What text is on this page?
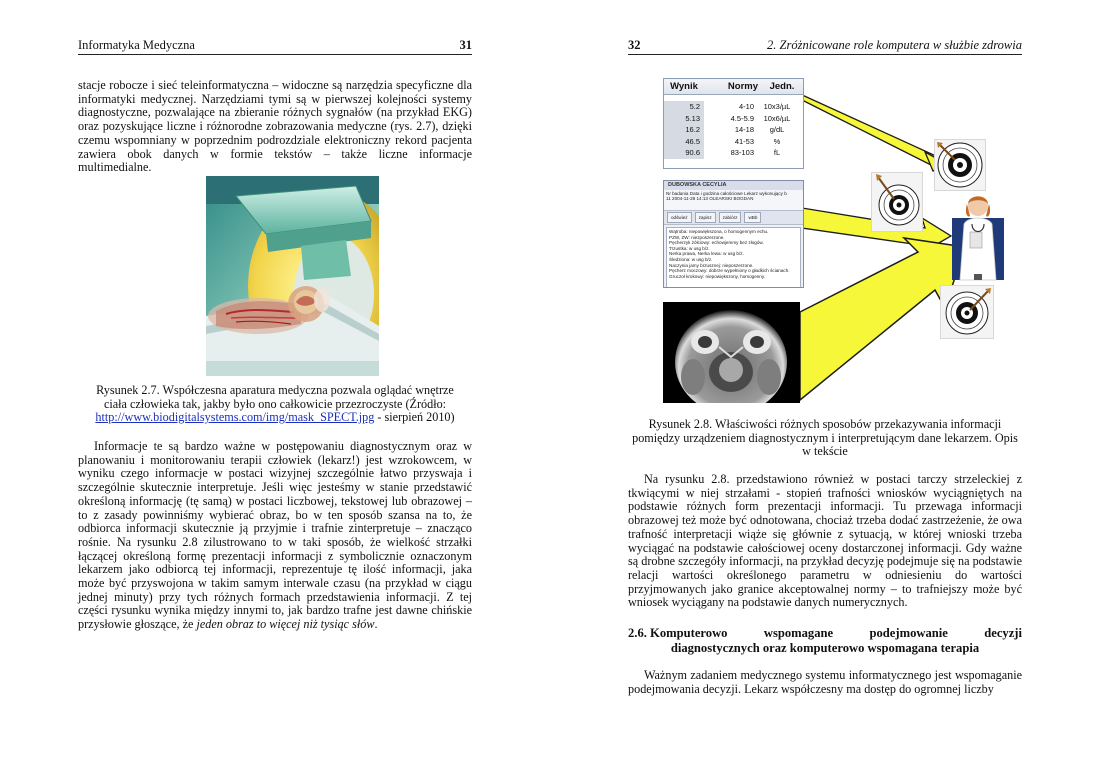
Informatyka Medyczna	31

stacje robocze i sieć teleinformatyczna – widoczne są narzędzia specyficzne dla informatyki medycznej. Narzędziami tymi są w pierwszej kolejności systemy diagnostyczne, pozwalające na zbieranie różnych sygnałów (na przykład EKG) oraz pozyskujące liczne i różnorodne zobrazowania medyczne (rys. 2.7), dzięki czemu wspomniany w poprzednim podrozdziale elektroniczny rekord pacjenta zawiera obok danych w formie tekstów – także liczne informacje multimedialne.

Rysunek 2.7. Współczesna aparatura medyczna pozwala oglądać wnętrze
ciała człowieka tak, jakby było ono całkowicie przezroczyste (Źródło:
http://www.biodigitalsystems.com/img/mask_SPECT.jpg - sierpień 2010)

Informacje te są bardzo ważne w postępowaniu diagnostycznym oraz w planowaniu i monitorowaniu terapii człowiek (lekarz!) jest wzrokowcem, w wyniku czego informacje w postaci wizyjnej szczególnie łatwo przyswaja i szczególnie skutecznie interpretuje. Jeśli więc jesteśmy w stanie przedstawić określoną informację (tę samą) w postaci liczbowej, tekstowej lub obrazowej – to z zasady powinniśmy wybierać obraz, bo w ten sposób szansa na to, że odbiorca informacji skutecznie ją przyjmie i trafnie zinterpretuje – znacząco rośnie. Na rysunku 2.8 zilustrowano to w taki sposób, że wielkość strzałki łączącej określoną formę prezentacji informacji z symbolicznie oznaczonym lekarzem jako odbiorcą tej informacji, reprezentuje tę ilość informacji, jaka może być przyswojona w takim samym interwale czasu (na przykład w ciągu jednej minuty) przy tych różnych formach przedstawienia informacji. Z tej części rysunku wynika między innymi to, jak bardzo trafne jest dawne chińskie przysłowie głoszące, że jeden obraz to więcej niż tysiąc słów.

32	2. Zróżnicowane role komputera w służbie zdrowia
Wynik	Normy	Jedn.
5.2	4-10	10x3/µL
5.13	4.5-5.9	10x6/µL
16.2	14-18	g/dL
46.5	41-53	%
90.6	83-103	fL
DUBOWSKA CECYLIA
Nr badania Data i godzina całościowe Lekarz wykonujący b
11 2004-11-28 14:13 OLEARSKI BOGDAN
odśwież	zapisz	zabiórz	wBb
Wątroba: niepowiększona, o homogennym echu.
PZW, ZW: niezposzerzone.
Pęcherzyk żółciowy: echowjemmy bez złogów.
Trzustka: w usg b/z.
Nerka prawa, Nerka lewa: w usg b/z.
Śledziona: w usg b/z.
Naczynia jamy brzusznej: nieposzerzone.
Pęcherz moczowy: dobrze wypełniony o gładkich ścianach.
Gruczoł krokowy: niepowiększony, homogenny.

Rysunek 2.8. Właściwości różnych sposobów przekazywania informacji pomiędzy urządzeniem diagnostycznym i interpretującym dane lekarzem. Opis w tekście

Na rysunku 2.8. przedstawiono również w postaci tarczy strzeleckiej z tkwiącymi w niej strzałami - stopień trafności wniosków wyciągniętych na podstawie różnych form prezentacji informacji. Tu przewaga informacji obrazowej też może być odnotowana, chociaż trzeba dodać zastrzeżenie, że owa trafność interpretacji wiąże się głównie z sytuacją, w której wnioski trzeba wyciągać na podstawie całościowej oceny dostarczonej informacji. Gdy ważne są drobne szczegóły informacji, na przykład decyzję podejmuje się na podstawie relacji wartości określonego parametru w odniesieniu do wartości przyjmowanych jako granice akceptowalnej normy – to trafniejszy może być wniosek wyciągany na podstawie danych numerycznych.

2.6. Komputerowo	wspomagane	podejmowanie	decyzji
diagnostycznych oraz komputerowo wspomagana terapia

Ważnym zadaniem medycznego systemu informatycznego jest wspomaganie podejmowania decyzji. Lekarz współczesny ma dostęp do ogromnej liczby
